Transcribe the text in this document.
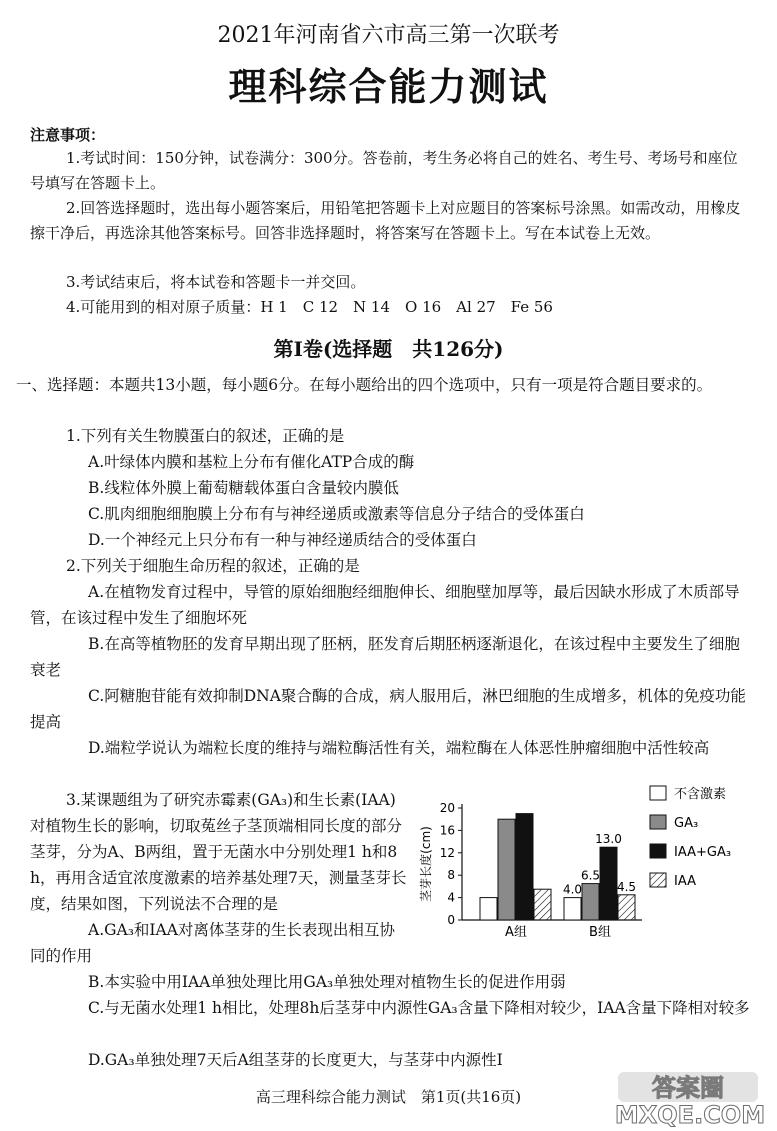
2021年河南省六市高三第一次联考
理科综合能力测试
注意事项：
1.考试时间：150分钟，试卷满分：300分。答卷前，考生务必将自己的姓名、考生号、考场号和座位号填写在答题卡上。
2.回答选择题时，选出每小题答案后，用铅笔把答题卡上对应题目的答案标号涂黑。如需改动，用橡皮擦干净后，再选涂其他答案标号。回答非选择题时，将答案写在答题卡上。写在本试卷上无效。
3.考试结束后，将本试卷和答题卡一并交回。
4.可能用到的相对原子质量：H 1　C 12　N 14　O 16　Al 27　Fe 56
第Ⅰ卷(选择题　共126分)
一、选择题：本题共13小题，每小题6分。在每小题给出的四个选项中，只有一项是符合题目要求的。
1.下列有关生物膜蛋白的叙述，正确的是
A.叶绿体内膜和基粒上分布有催化ATP合成的酶
B.线粒体外膜上葡萄糖载体蛋白含量较内膜低
C.肌肉细胞细胞膜上分布有与神经递质或激素等信息分子结合的受体蛋白
D.一个神经元上只分布有一种与神经递质结合的受体蛋白
2.下列关于细胞生命历程的叙述，正确的是
A.在植物发育过程中，导管的原始细胞经细胞伸长、细胞壁加厚等，最后因缺水形成了木质部导管，在该过程中发生了细胞坏死
B.在高等植物胚的发育早期出现了胚柄，胚发育后期胚柄逐渐退化，在该过程中主要发生了细胞衰老
C.阿糖胞苷能有效抑制DNA聚合酶的合成，病人服用后，淋巴细胞的生成增多，机体的免疫功能提高
D.端粒学说认为端粒长度的维持与端粒酶活性有关，端粒酶在人体恶性肿瘤细胞中活性较高
3.某课题组为了研究赤霉素(GA₃)和生长素(IAA)对植物生长的影响，切取菟丝子茎顶端相同长度的部分茎芽，分为A、B两组，置于无菌水中分别处理1 h和8 h，再用含适宜浓度激素的培养基处理7天，测量茎芽长度，结果如图，下列说法不合理的是
A.GA₃和IAA对离体茎芽的生长表现出相互协同的作用
B.本实验中用IAA单独处理比用GA₃单独处理对植物生长的促进作用弱
C.与无菌水处理1 h相比，处理8h后茎芽中内源性GA₃含量下降相对较少，IAA含量下降相对较多
D.GA₃单独处理7天后A组茎芽的长度更大，与茎芽中内源性I
茎芽长度(cm)
0
4
8
12
16
20
A组	B组
4.0
6.5
13.0
4.5
不含激素
GA₃
IAA+GA₃
IAA
高三理科综合能力测试　第1页(共16页)	答案圈
MXQE.COM
